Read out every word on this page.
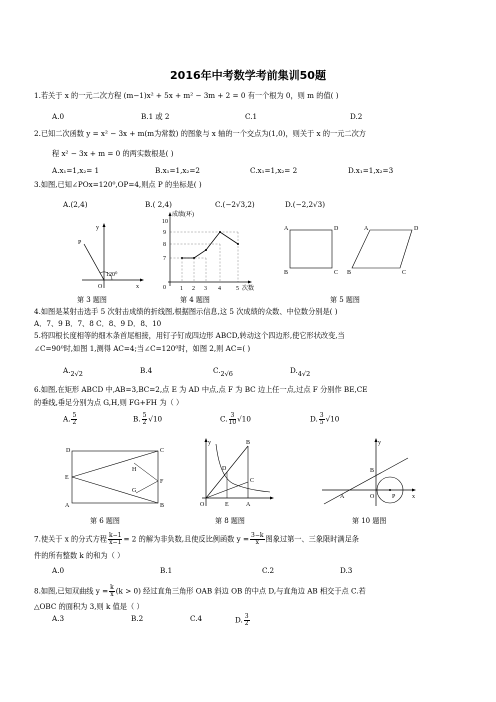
2016年中考数学考前集训50题
1.若关于 x 的一元二次方程 (m−1)x² + 5x + m² − 3m + 2 = 0 有一个根为 0，则 m 的值( )
A.0	B.1 或 2	C.1	D.2
2.已知二次函数 y = x² − 3x + m(m为常数) 的图象与 x 轴的一个交点为(1,0)，则关于 x 的一元二次方
程 x² − 3x + m = 0 的两实数根是( )
A.x₁=1,x₂= 1	B.x₁=1,x₂=2	C.x₁=1,x₂= 2	D.x₁=1,x₂=3
3.如图,已知∠POx=120⁰,OP=4,则点 P 的坐标是( )
A.(2,4)	B.( 2,4)	C.(−2√3,2)	D.(−2,2√3)
y
P
O
120⁰
x
成绩(环)
10
9
8
7
0 1 2 3 4	5 次数
A	D
B	C
A	D
B	C
第 3 题图	第 4 题图	第 5 题图
4.如图是某射击选手 5 次射击成绩的折线图,根据图示信息,这 5 次成绩的众数、中位数分别是( )
A．7、9 B．7、8 C．8、9 D．8、10
5.将四根长度相等的细木条首尾相接，用钉子钉成四边形 ABCD,转动这个四边形,使它形状改变,当
∠C=90⁰时,如图 1,测得 AC=4;当∠C=120⁰时，如图 2,则 AC=( )
A.2√2	B.4	C.2√6	D.4√2
6.如图,在矩形 ABCD 中,AB=3,BC=2,点 E 为 AD 中点,点 F 为 BC 边上任一点,过点 F 分别作 BE,CE
的垂线,垂足分别为点 G,H,则 FG+FH 为（ ）
A. $\frac{5}{2}$	B. $\frac{5}{2} √10$	C. $\frac{3}{10} √10$	D. $\frac{3}{5} √10$
D	C
E
H
F
G
A	B
y
D
C
O	E	A
B	y
B
A	O	P	x
第 6 题图	第 8 题图	第 10 题图
7.使关于 x 的分式方程 $\frac{k-1}{x-1} = 2$ 的解为非负数,且使反比例函数 $y = \frac{3-k}{x}$ 图象过第一、三象限时满足条
件的所有整数 k 的和为（ ）
A.0	B.1	C.2	D.3
8.如图,已知双曲线 $y = \frac{k}{x} (k > 0)$ 经过直角三角形 OAB 斜边 OB 的中点 D,与直角边 AB 相交于点 C.若
△OBC 的面积为 3,则 k 值是（ ）
A.3	B.2	C.4	D. $\frac{3}{2}$
